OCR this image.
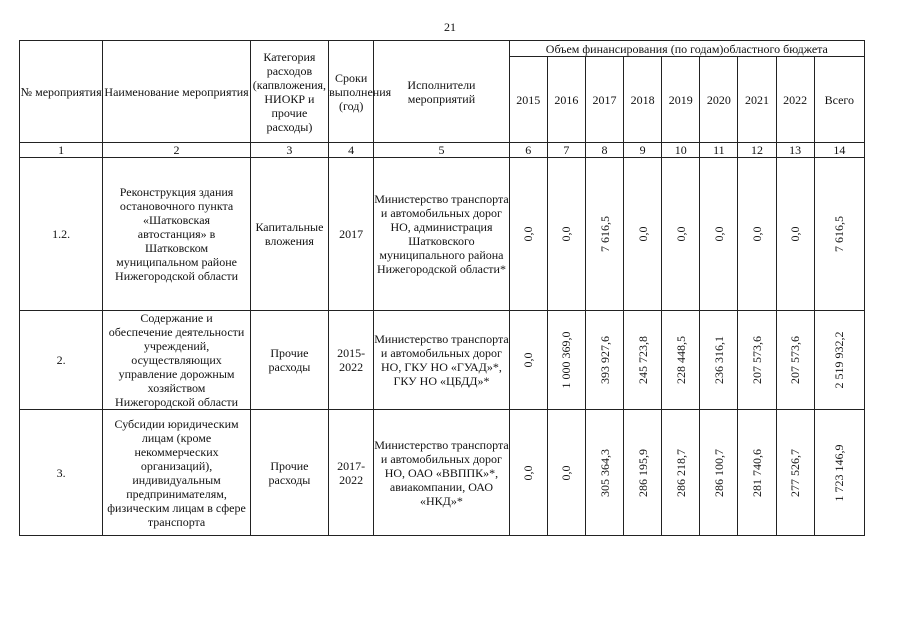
21
№ мероприятия	Наименование мероприятия	Категория расходов (капвложения, НИОКР и прочие расходы)	Сроки выполнения (год)	Исполнители мероприятий	Объем финансирования (по годам)областного бюджета								
					2015	2016	2017	2018	2019	2020	2021	2022	Всего
1	2	3	4	5	6	7	8	9	10	11	12	13	14
1.2.	Реконструкция здания остановочного пункта «Шатковская автостанция» в Шатковском муниципальном районе Нижегородской области	Капитальные вложения	2017	Министерство транспорта и автомобильных дорог НО, администрация Шатковского муниципального района Нижегородской области*	0,0	0,0	7 616,5	0,0	0,0	0,0	0,0	0,0	7 616,5

2.	Содержание и обеспечение деятельности учреждений, осуществляющих управление дорожным хозяйством Нижегородской области	Прочие расходы	2015-2022	Министерство транспорта и автомобильных дорог НО, ГКУ НО «ГУАД»*, ГКУ НО «ЦБДД»*	0,0	1 000 369,0	393 927,6	245 723,8	228 448,5	236 316,1	207 573,6	207 573,6	2 519 932,2

3.	Субсидии юридическим лицам (кроме некоммерческих организаций), индивидуальным предпринимателям, физическим лицам в сфере транспорта	Прочие расходы	2017-2022	Министерство транспорта и автомобильных дорог НО, ОАО «ВВППК»*, авиакомпании, ОАО «НКД»*	0,0	0,0	305 364,3	286 195,9	286 218,7	286 100,7	281 740,6	277 526,7	1 723 146,9
